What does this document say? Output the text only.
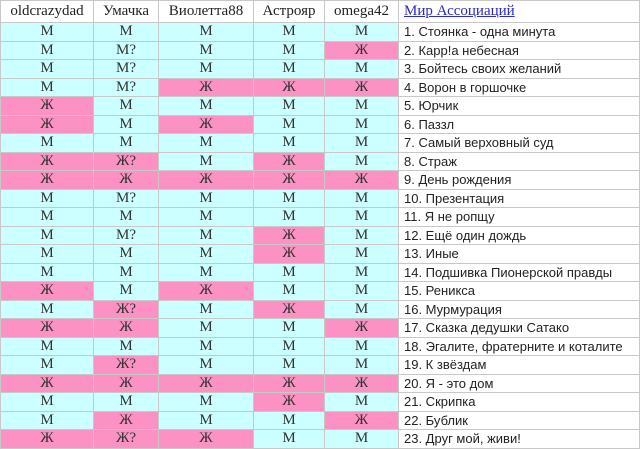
oldcrazydad	Умачка	Виолетта88	Астрояр	omega42	Мир Ассоциаций
М	М	М	М	М	1. Стоянка - одна минута
М	М?	М	М	Ж	2. Карр!а небесная
М	М?	М	М	М	3. Бойтесь своих желаний
М	М?	Ж	Ж	Ж	4. Ворон в горшочке
Ж	М	М	М	М	5. Юрчик
Ж	М	Ж	М	М	6. Паззл
М	М	М	М	М	7. Самый верховный суд
Ж	Ж?	М	Ж	М	8. Страж
Ж	Ж	Ж	Ж	Ж	9. День рождения
М	М?	М	М	М	10. Презентация
М	М	М	М	М	11. Я не ропщу
М	М?	М	Ж	М	12. Ещё один дождь
М	М	М	Ж	М	13. Иные
М	М	М	М	М	14. Подшивка Пионерской правды
Ж	М	Ж	М	М	15. Реникса
М	Ж?	М	Ж	М	16. Мурмурация
Ж	Ж	М	М	Ж	17. Сказка дедушки Сатако
М	М	М	М	М	18. Эгалите, фратерните и коталите
М	Ж?	М	М	М	19. К звёздам
Ж	Ж	Ж	Ж	Ж	20. Я - это дом
М	М	М	Ж	М	21. Скрипка
М	Ж	М	М	Ж	22. Бублик
Ж	Ж?	Ж	М	М	23. Друг мой, живи!
